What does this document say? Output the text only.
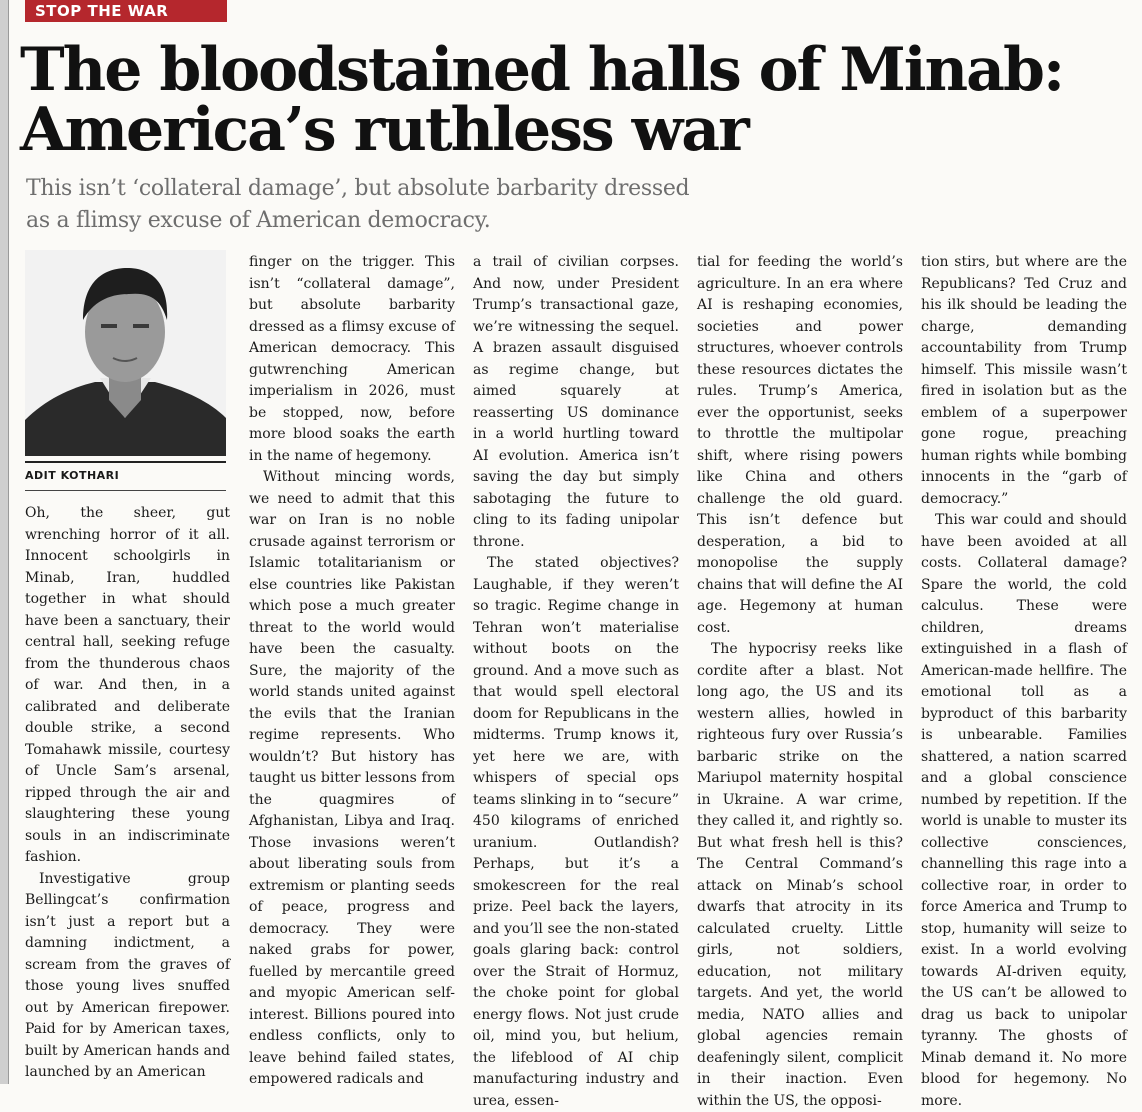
STOP THE WAR
The bloodstained halls of Minab:
America’s ruthless war
This isn’t ‘collateral damage’, but absolute barbarity dressed
as a flimsy excuse of American democracy.
ADIT KOTHARI

Oh, the sheer, gut wrenching horror of it all. Innocent schoolgirls in Minab, Iran, huddled together in what should have been a sanctuary, their central hall, seeking refuge from the thunderous chaos of war. And then, in a calibrated and deliberate double strike, a second Tomahawk missile, courtesy of Uncle Sam’s arsenal, ripped through the air and slaughtering these young souls in an indiscriminate fashion.

Investigative group Bellingcat’s confirmation isn’t just a report but a damning indictment, a scream from the graves of those young lives snuffed out by American firepower. Paid for by American taxes, built by American hands and launched by an American

finger on the trigger. This isn’t “collateral damage”, but absolute barbarity dressed as a flimsy excuse of American democracy. This gutwrenching American imperialism in 2026, must be stopped, now, before more blood soaks the earth in the name of hegemony.

Without mincing words, we need to admit that this war on Iran is no noble crusade against terrorism or Islamic totalitarianism or else countries like Pakistan which pose a much greater threat to the world would have been the casualty. Sure, the majority of the world stands united against the evils that the Iranian regime represents. Who wouldn’t? But history has taught us bitter lessons from the quagmires of Afghanistan, Libya and Iraq. Those invasions weren’t about liberating souls from extremism or planting seeds of peace, progress and democracy. They were naked grabs for power, fuelled by mercantile greed and myopic American self-interest. Billions poured into endless conflicts, only to leave behind failed states, empowered radicals and

a trail of civilian corpses. And now, under President Trump’s transactional gaze, we’re witnessing the sequel. A brazen assault disguised as regime change, but aimed squarely at reasserting US dominance in a world hurtling toward AI evolution. America isn’t saving the day but simply sabotaging the future to cling to its fading unipolar throne.

The stated objectives? Laughable, if they weren’t so tragic. Regime change in Tehran won’t materialise without boots on the ground. And a move such as that would spell electoral doom for Republicans in the midterms. Trump knows it, yet here we are, with whispers of special ops teams slinking in to “secure” 450 kilograms of enriched uranium. Outlandish? Perhaps, but it’s a smokescreen for the real prize. Peel back the layers, and you’ll see the non-stated goals glaring back: control over the Strait of Hormuz, the choke point for global energy flows. Not just crude oil, mind you, but helium, the lifeblood of AI chip manufacturing industry and urea, essen-

tial for feeding the world’s agriculture. In an era where AI is reshaping economies, societies and power structures, whoever controls these resources dictates the rules. Trump’s America, ever the opportunist, seeks to throttle the multipolar shift, where rising powers like China and others challenge the old guard. This isn’t defence but desperation, a bid to monopolise the supply chains that will define the AI age. Hegemony at human cost.

The hypocrisy reeks like cordite after a blast. Not long ago, the US and its western allies, howled in righteous fury over Russia’s barbaric strike on the Mariupol maternity hospital in Ukraine. A war crime, they called it, and rightly so. But what fresh hell is this? The Central Command’s attack on Minab’s school dwarfs that atrocity in its calculated cruelty. Little girls, not soldiers, education, not military targets. And yet, the world media, NATO allies and global agencies remain deafeningly silent, complicit in their inaction. Even within the US, the opposi-

tion stirs, but where are the Republicans? Ted Cruz and his ilk should be leading the charge, demanding accountability from Trump himself. This missile wasn’t fired in isolation but as the emblem of a superpower gone rogue, preaching human rights while bombing innocents in the “garb of democracy.”

This war could and should have been avoided at all costs. Collateral damage? Spare the world, the cold calculus. These were children, dreams extinguished in a flash of American-made hellfire. The emotional toll as a byproduct of this barbarity is unbearable. Families shattered, a nation scarred and a global conscience numbed by repetition. If the world is unable to muster its collective consciences, channelling this rage into a collective roar, in order to force America and Trump to stop, humanity will seize to exist. In a world evolving towards AI-driven equity, the US can’t be allowed to drag us back to unipolar tyranny. The ghosts of Minab demand it. No more blood for hegemony. No more.
